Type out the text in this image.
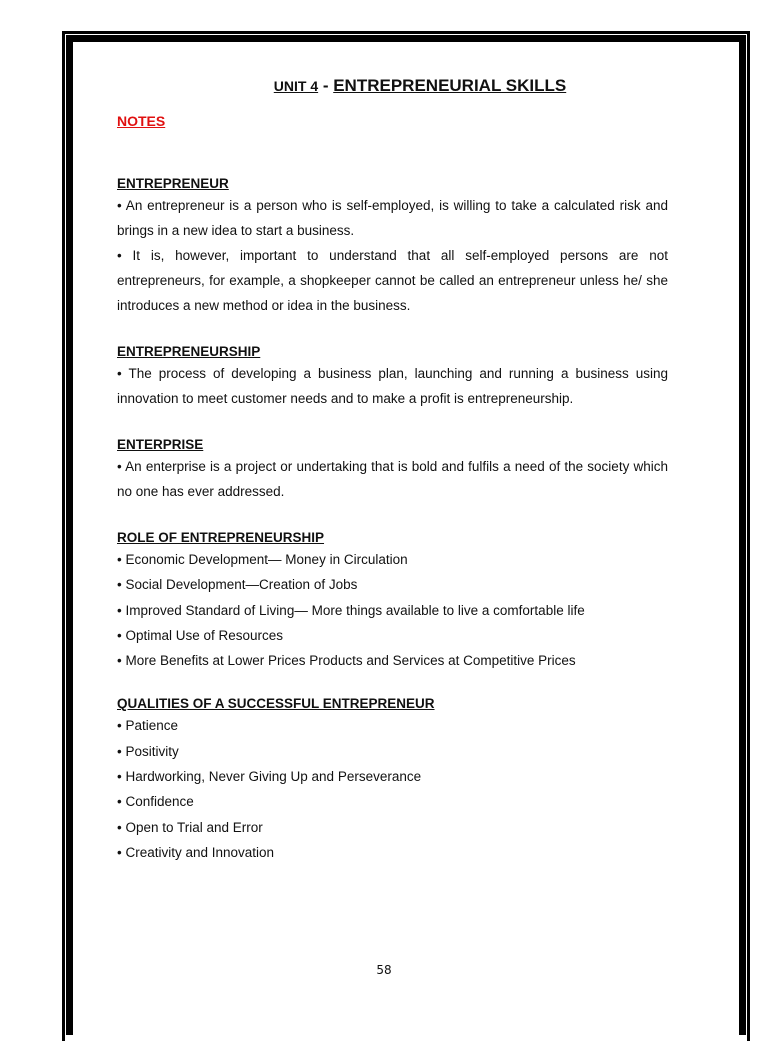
UNIT 4 - ENTREPRENEURIAL SKILLS
NOTES

ENTREPRENEUR

• An entrepreneur is a person who is self-employed, is willing to take a calculated risk and brings in a new idea to start a business.

• It is, however, important to understand that all self-employed persons are not entrepreneurs, for example, a shopkeeper cannot be called an entrepreneur unless he/ she introduces a new method or idea in the business.

ENTREPRENEURSHIP

• The process of developing a business plan, launching and running a business using innovation to meet customer needs and to make a profit is entrepreneurship.

ENTERPRISE

• An enterprise is a project or undertaking that is bold and fulfils a need of the society which no one has ever addressed.

ROLE OF ENTREPRENEURSHIP

• Economic Development— Money in Circulation
• Social Development—Creation of Jobs
• Improved Standard of Living— More things available to live a comfortable life
• Optimal Use of Resources
• More Benefits at Lower Prices Products and Services at Competitive Prices

QUALITIES OF A SUCCESSFUL ENTREPRENEUR

• Patience
• Positivity
• Hardworking, Never Giving Up and Perseverance
• Confidence
• Open to Trial and Error
• Creativity and Innovation
58
